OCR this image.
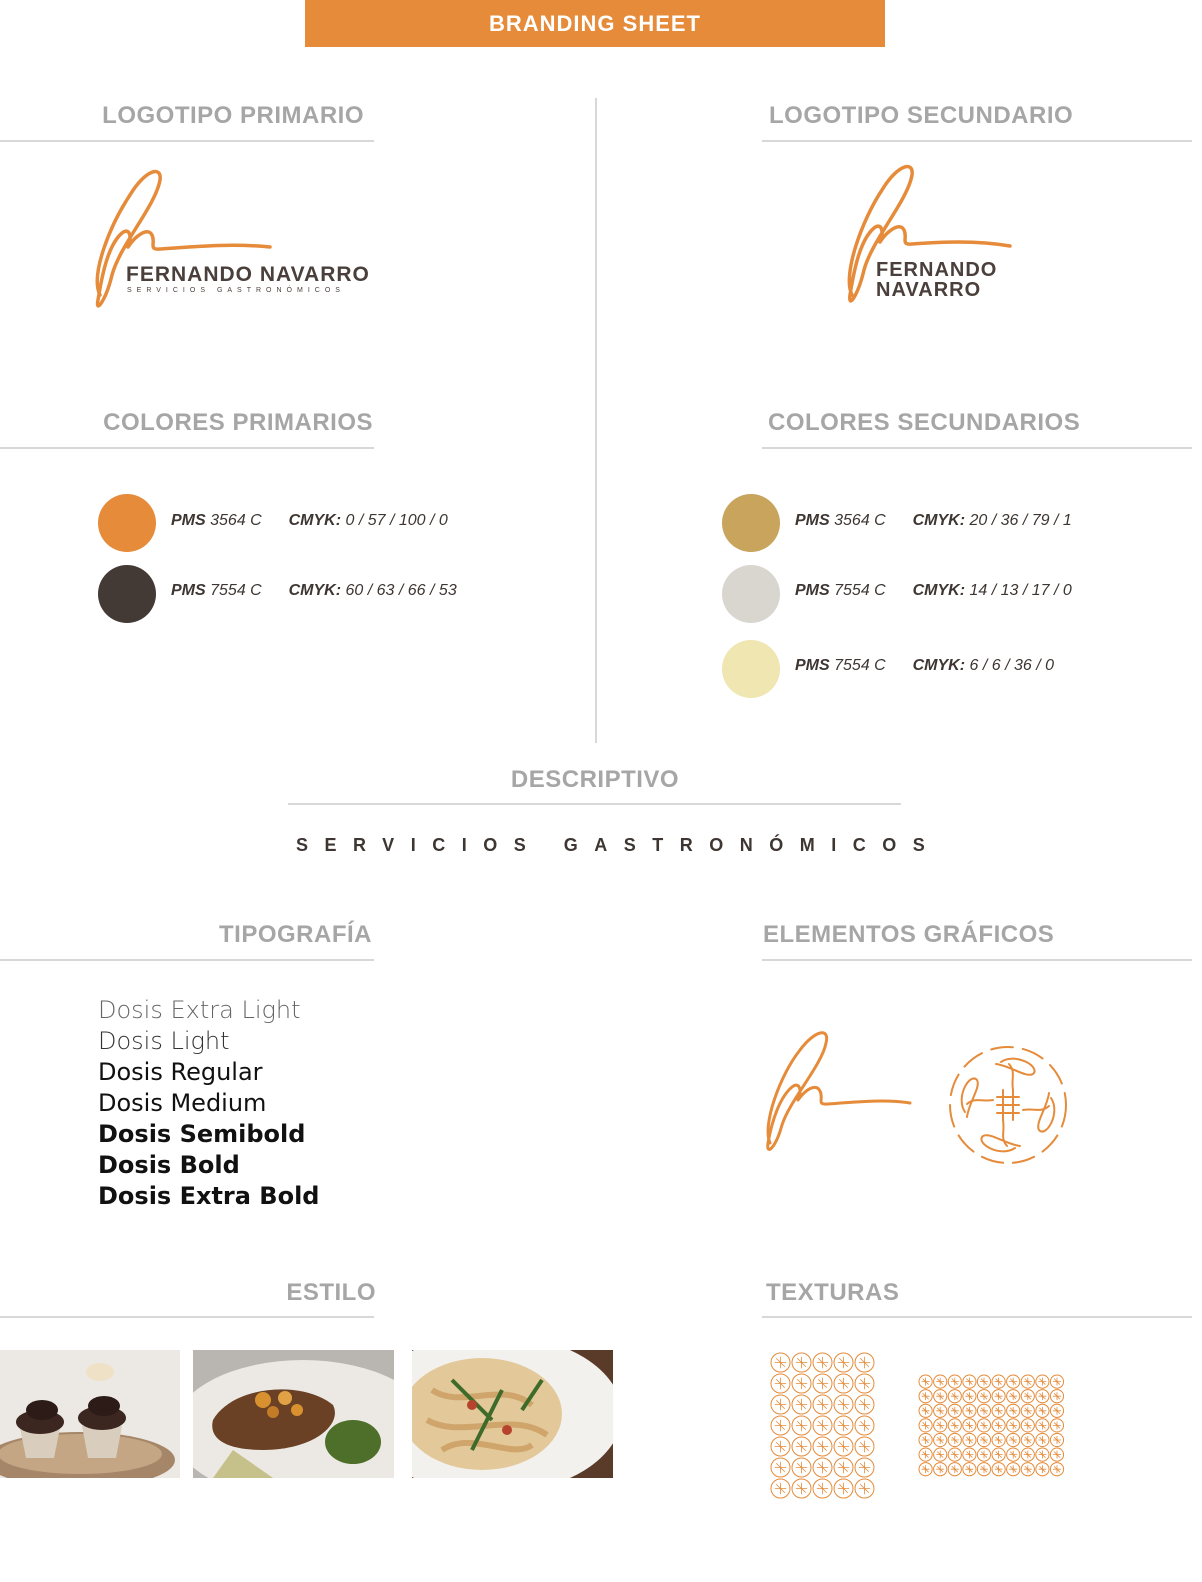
BRANDING SHEET
LOGOTIPO PRIMARIO
FERNANDO NAVARRO
SERVICIOS GASTRONÓMICOS
LOGOTIPO SECUNDARIO
FERNANDO
NAVARRO
COLORES PRIMARIOS
PMS 3564 C CMYK: 0 / 57 / 100 / 0
PMS 7554 C CMYK: 60 / 63 / 66 / 53
COLORES SECUNDARIOS
PMS 3564 C CMYK: 20 / 36 / 79 / 1
PMS 7554 C CMYK: 14 / 13 / 17 / 0
PMS 7554 C CMYK: 6 / 6 / 36 / 0
DESCRIPTIVO
SERVICIOS GASTRONÓMICOS
TIPOGRAFÍA
Dosis Extra Light
Dosis Light
Dosis Regular
Dosis Medium
Dosis Semibold
Dosis Bold
Dosis Extra Bold
ELEMENTOS GRÁFICOS
ESTILO	TEXTURAS
